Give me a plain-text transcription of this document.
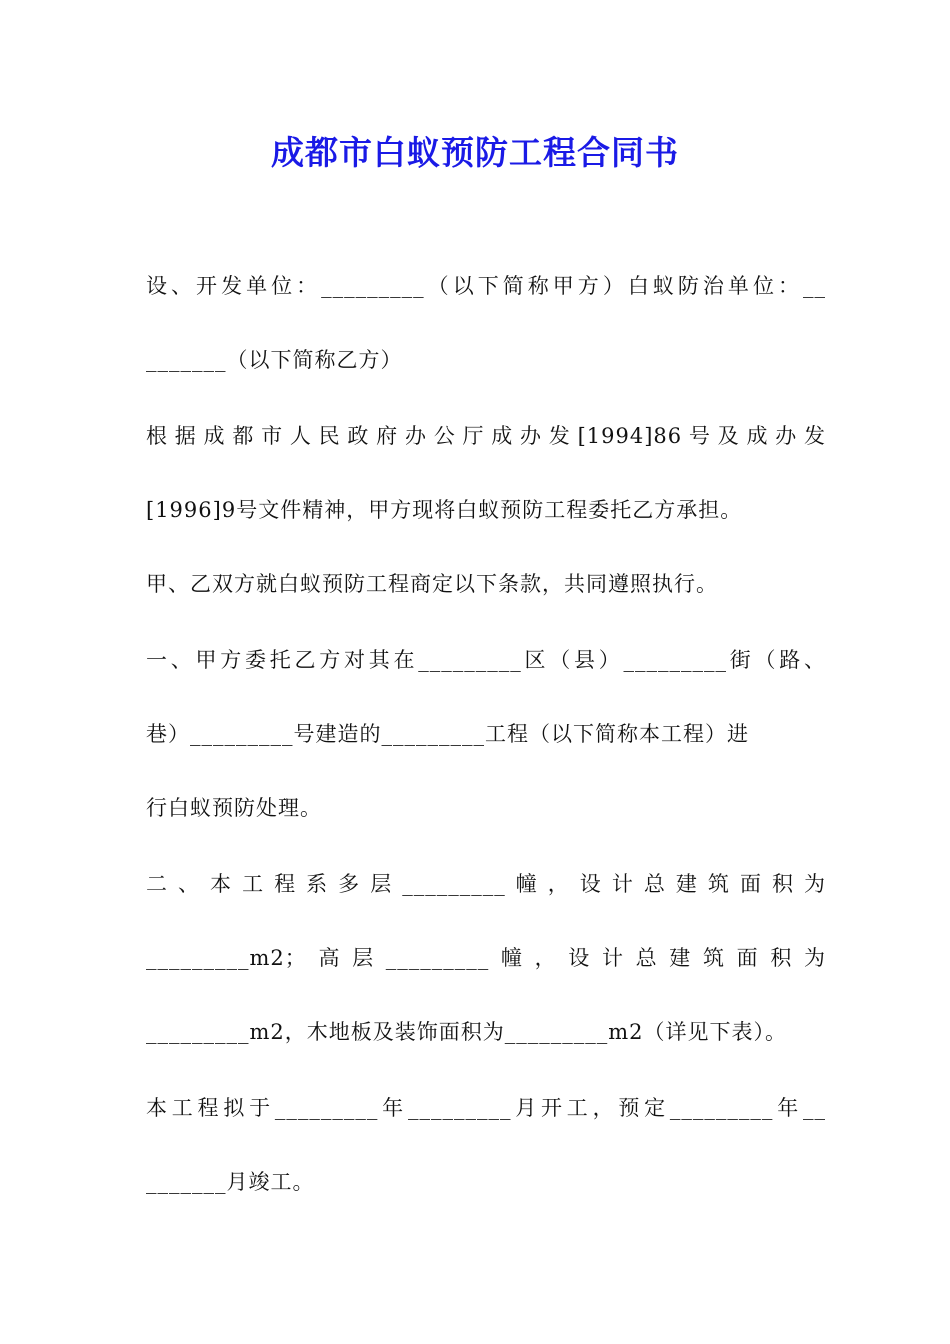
成都市白蚁预防工程合同书
设、开发单位：_________（以下简称甲方）白蚁防治单位：__
_______（以下简称乙方）
根据成都市人民政府办公厅成办发[1994]86号及成办发
[1996]9号文件精神，甲方现将白蚁预防工程委托乙方承担。
甲、乙双方就白蚁预防工程商定以下条款，共同遵照执行。
一、甲方委托乙方对其在_________区（县）_________街（路、
巷）_________号建造的_________工程（以下简称本工程）进
行白蚁预防处理。
二、本工程系多层_________幢，设计总建筑面积为
_________m2；高层_________幢，设计总建筑面积为
_________m2，木地板及装饰面积为_________m2（详见下表）。
本工程拟于_________年_________月开工，预定_________年__
_______月竣工。
